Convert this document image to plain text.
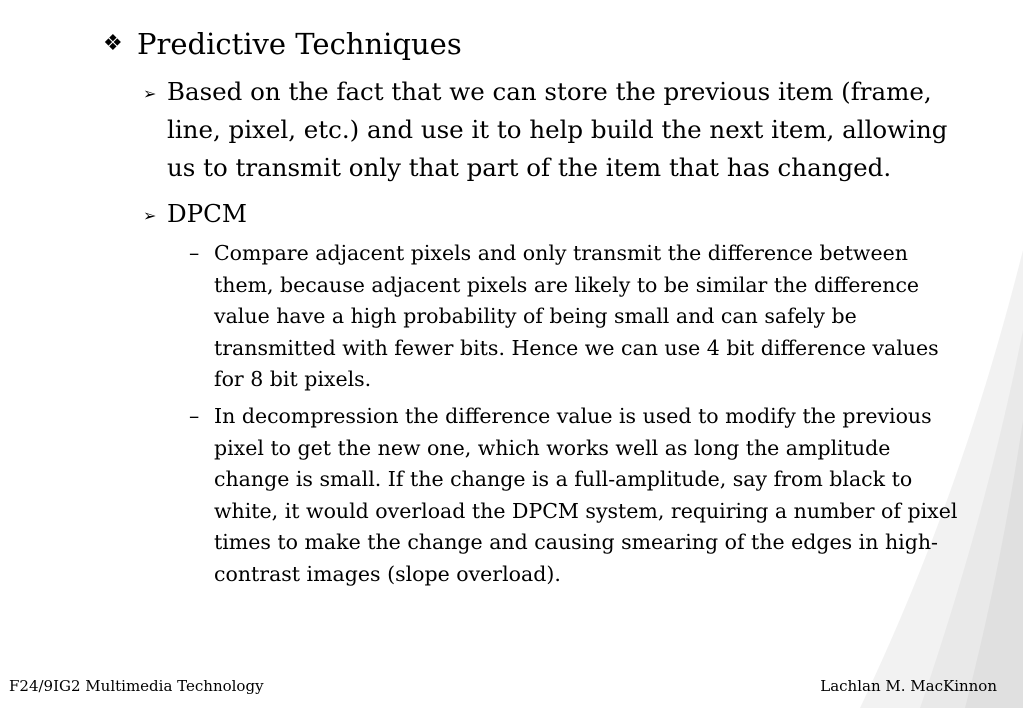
❖ Predictive Techniques
➢ Based on the fact that we can store the previous item (frame, line, pixel, etc.) and use it to help build the next item, allowing us to transmit only that part of the item that has changed.
➢ DPCM
– Compare adjacent pixels and only transmit the difference between them, because adjacent pixels are likely to be similar the difference value have a high probability of being small and can safely be transmitted with fewer bits. Hence we can use 4 bit difference values for 8 bit pixels.
– In decompression the difference value is used to modify the previous pixel to get the new one, which works well as long the amplitude change is small. If the change is a full-amplitude, say from black to white, it would overload the DPCM system, requiring a number of pixel times to make the change and causing smearing of the edges in high-contrast images (slope overload).
F24/9IG2 Multimedia Technology	Lachlan M. MacKinnon
